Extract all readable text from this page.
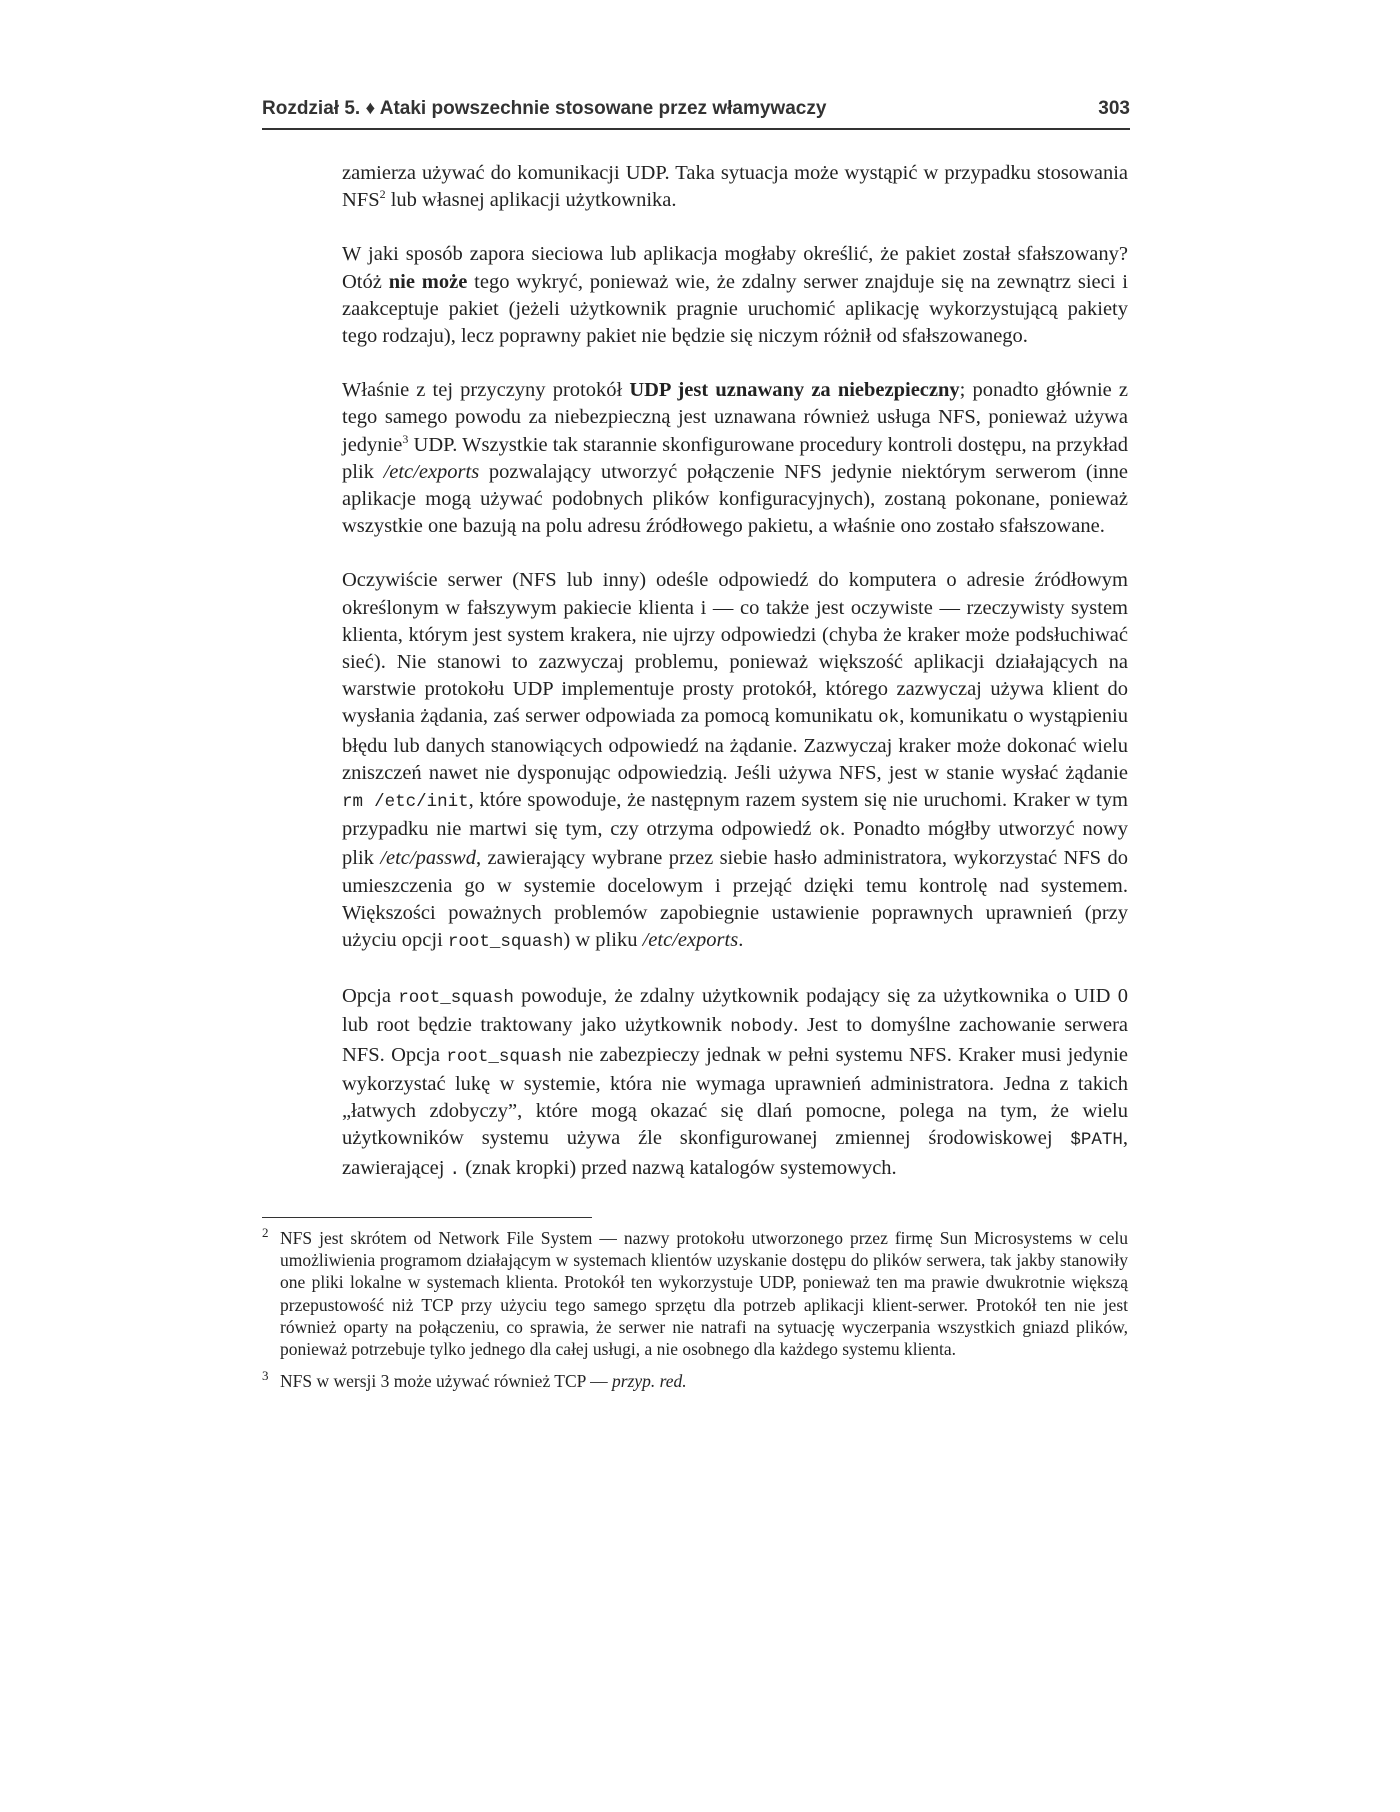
Rozdział 5. ♦ Ataki powszechnie stosowane przez włamywaczy	303

zamierza używać do komunikacji UDP. Taka sytuacja może wystąpić w przypadku stosowania NFS$^2$ lub własnej aplikacji użytkownika.

W jaki sposób zapora sieciowa lub aplikacja mogłaby określić, że pakiet został sfałszowany? Otóż nie może tego wykryć, ponieważ wie, że zdalny serwer znajduje się na zewnątrz sieci i zaakceptuje pakiet (jeżeli użytkownik pragnie uruchomić aplikację wykorzystującą pakiety tego rodzaju), lecz poprawny pakiet nie będzie się niczym różnił od sfałszowanego.

Właśnie z tej przyczyny protokół UDP jest uznawany za niebezpieczny; ponadto głównie z tego samego powodu za niebezpieczną jest uznawana również usługa NFS, ponieważ używa jedynie$^3$ UDP. Wszystkie tak starannie skonfigurowane procedury kontroli dostępu, na przykład plik /etc/exports pozwalający utworzyć połączenie NFS jedynie niektórym serwerom (inne aplikacje mogą używać podobnych plików konfiguracyjnych), zostaną pokonane, ponieważ wszystkie one bazują na polu adresu źródłowego pakietu, a właśnie ono zostało sfałszowane.

Oczywiście serwer (NFS lub inny) odeśle odpowiedź do komputera o adresie źródłowym określonym w fałszywym pakiecie klienta i — co także jest oczywiste — rzeczywisty system klienta, którym jest system krakera, nie ujrzy odpowiedzi (chyba że kraker może podsłuchiwać sieć). Nie stanowi to zazwyczaj problemu, ponieważ większość aplikacji działających na warstwie protokołu UDP implementuje prosty protokół, którego zazwyczaj używa klient do wysłania żądania, zaś serwer odpowiada za pomocą komunikatu ok, komunikatu o wystąpieniu błędu lub danych stanowiących odpowiedź na żądanie. Zazwyczaj kraker może dokonać wielu zniszczeń nawet nie dysponując odpowiedzią. Jeśli używa NFS, jest w stanie wysłać żądanie rm /etc/init, które spowoduje, że następnym razem system się nie uruchomi. Kraker w tym przypadku nie martwi się tym, czy otrzyma odpowiedź ok. Ponadto mógłby utworzyć nowy plik /etc/passwd, zawierający wybrane przez siebie hasło administratora, wykorzystać NFS do umieszczenia go w systemie docelowym i przejąć dzięki temu kontrolę nad systemem. Większości poważnych problemów zapobiegnie ustawienie poprawnych uprawnień (przy użyciu opcji root_squash) w pliku /etc/exports.

Opcja root_squash powoduje, że zdalny użytkownik podający się za użytkownika o UID 0 lub root będzie traktowany jako użytkownik nobody. Jest to domyślne zachowanie serwera NFS. Opcja root_squash nie zabezpieczy jednak w pełni systemu NFS. Kraker musi jedynie wykorzystać lukę w systemie, która nie wymaga uprawnień administratora. Jedna z takich „łatwych zdobyczy”, które mogą okazać się dlań pomocne, polega na tym, że wielu użytkowników systemu używa źle skonfigurowanej zmiennej środowiskowej $PATH, zawierającej . (znak kropki) przed nazwą katalogów systemowych.

2 NFS jest skrótem od Network File System — nazwy protokołu utworzonego przez firmę Sun Microsystems w celu umożliwienia programom działającym w systemach klientów uzyskanie dostępu do plików serwera, tak jakby stanowiły one pliki lokalne w systemach klienta. Protokół ten wykorzystuje UDP, ponieważ ten ma prawie dwukrotnie większą przepustowość niż TCP przy użyciu tego samego sprzętu dla potrzeb aplikacji klient-serwer. Protokół ten nie jest również oparty na połączeniu, co sprawia, że serwer nie natrafi na sytuację wyczerpania wszystkich gniazd plików, ponieważ potrzebuje tylko jednego dla całej usługi, a nie osobnego dla każdego systemu klienta.
3 NFS w wersji 3 może używać również TCP — przyp. red.
